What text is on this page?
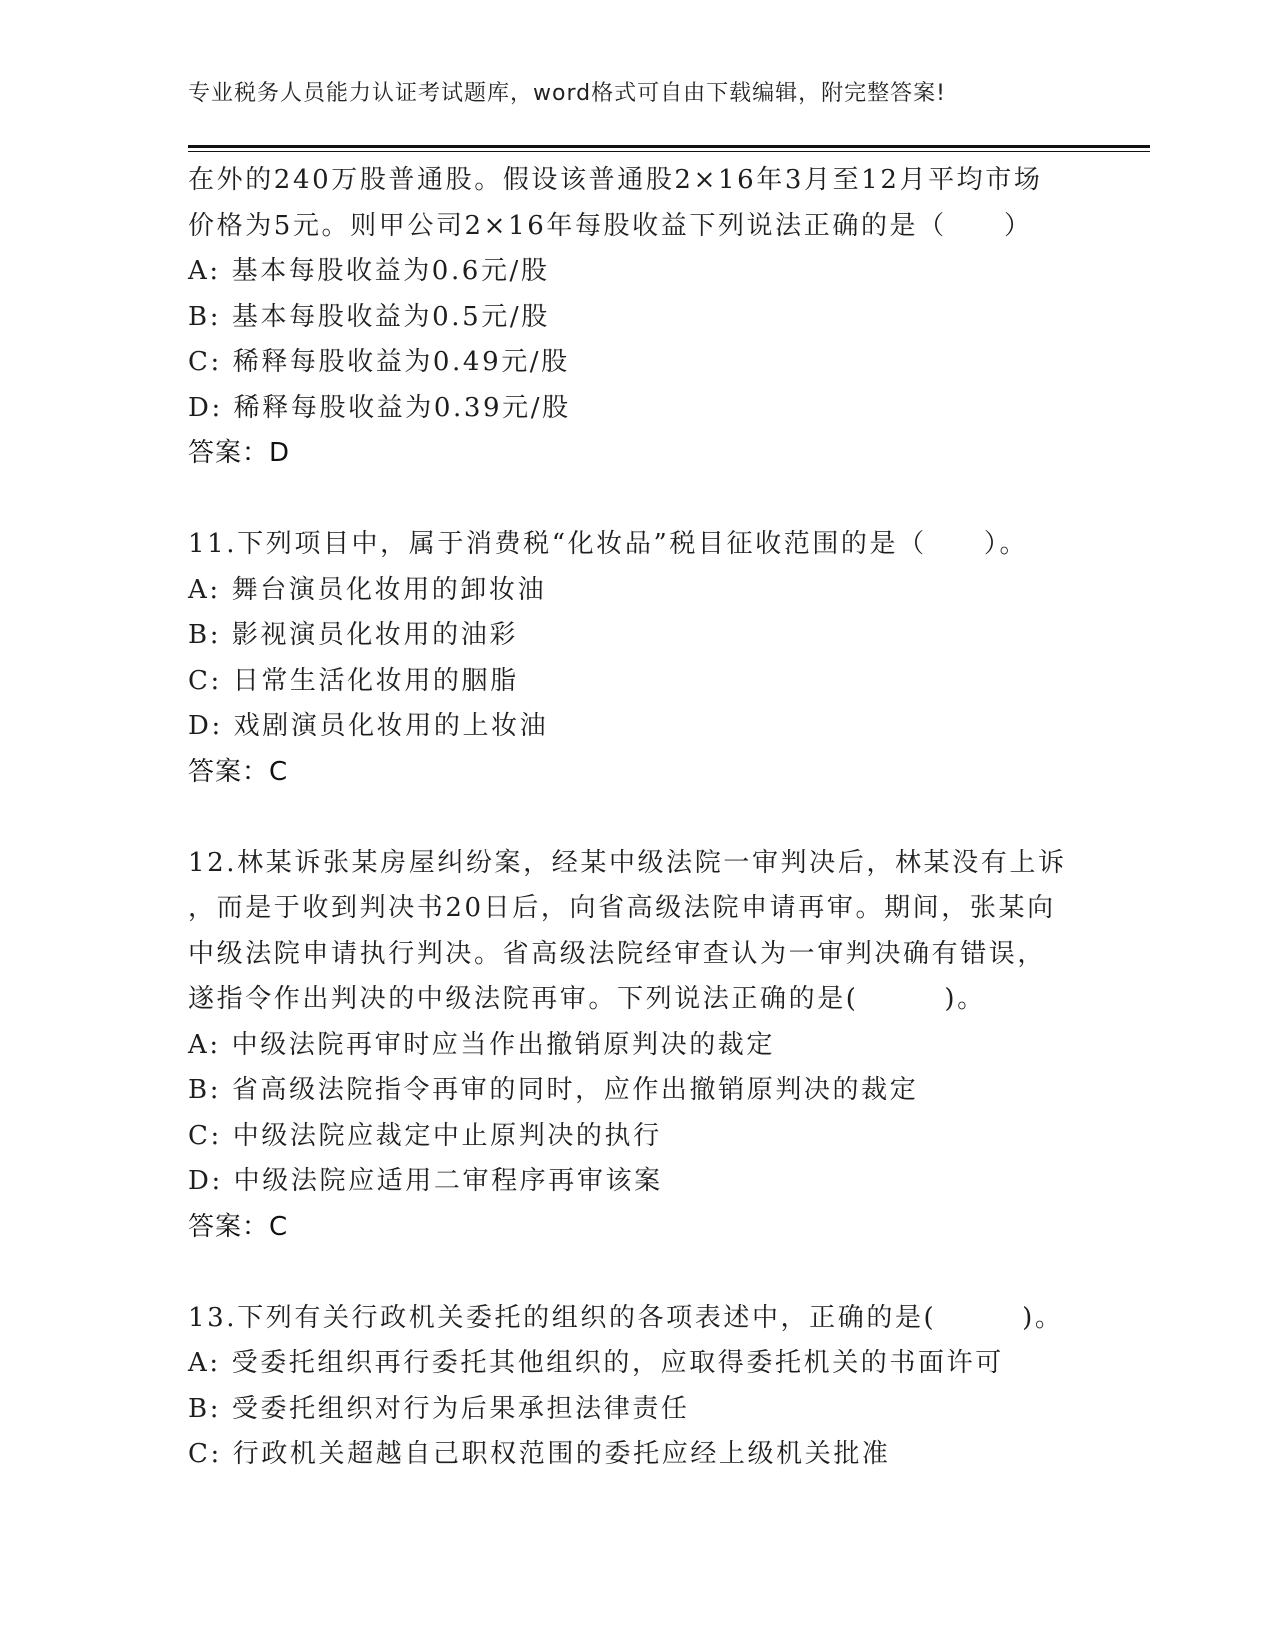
专业税务人员能力认证考试题库，word格式可自由下载编辑，附完整答案!
在外的240万股普通股。假设该普通股2×16年3月至12月平均市场
价格为5元。则甲公司2×16年每股收益下列说法正确的是（　　）
A: 基本每股收益为0.6元/股
B: 基本每股收益为0.5元/股
C: 稀释每股收益为0.49元/股
D: 稀释每股收益为0.39元/股
答案：D
11.下列项目中，属于消费税“化妆品”税目征收范围的是（　　）。
A: 舞台演员化妆用的卸妆油
B: 影视演员化妆用的油彩
C: 日常生活化妆用的胭脂
D: 戏剧演员化妆用的上妆油
答案：C
12.林某诉张某房屋纠纷案，经某中级法院一审判决后，林某没有上诉
，而是于收到判决书20日后，向省高级法院申请再审。期间，张某向
中级法院申请执行判决。省高级法院经审查认为一审判决确有错误，
遂指令作出判决的中级法院再审。下列说法正确的是(　　　)。
A: 中级法院再审时应当作出撤销原判决的裁定
B: 省高级法院指令再审的同时，应作出撤销原判决的裁定
C: 中级法院应裁定中止原判决的执行
D: 中级法院应适用二审程序再审该案
答案：C
13.下列有关行政机关委托的组织的各项表述中，正确的是(　　　)。
A: 受委托组织再行委托其他组织的，应取得委托机关的书面许可
B: 受委托组织对行为后果承担法律责任
C: 行政机关超越自己职权范围的委托应经上级机关批准
